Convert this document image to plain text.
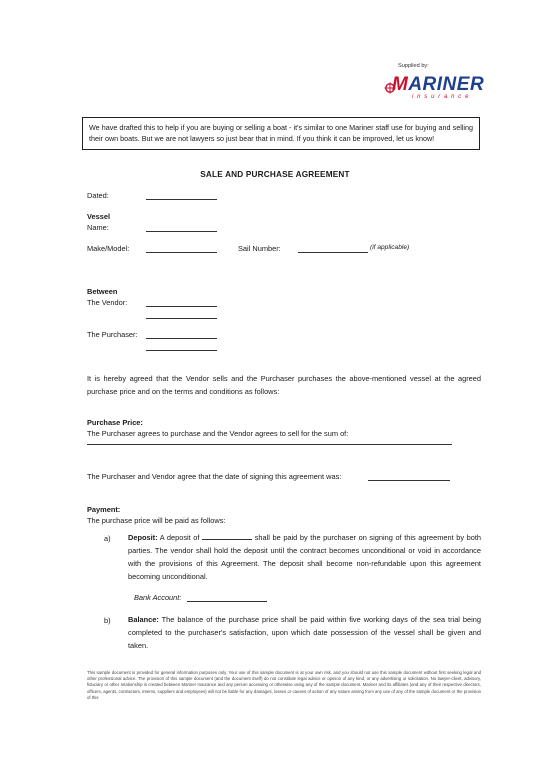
Supplied by:
MARINER
insurance
We have drafted this to help if you are buying or selling a boat - it's similar to one Mariner staff use for buying and selling their own boats. But we are not lawyers so just bear that in mind. If you think it can be improved, let us know!
SALE AND PURCHASE AGREEMENT
Dated:
Vessel
Name:
Make/Model:	Sail Number:	(if applicable)
Between
The Vendor:
The Purchaser:
It is hereby agreed that the Vendor sells and the Purchaser purchases the above-mentioned vessel at the agreed purchase price and on the terms and conditions as follows:
Purchase Price:
The Purchaser agrees to purchase and the Vendor agrees to sell for the sum of:
The Purchaser and Vendor agree that the date of signing this agreement was:
Payment:
The purchase price will be paid as follows:
a) Deposit: A deposit of	shall be paid by the purchaser on signing of this agreement by both parties. The vendor shall hold the deposit until the contract becomes unconditional or void in accordance with the provisions of this Agreement. The deposit shall become non-refundable upon this agreement becoming unconditional.
Bank Account:
b) Balance: The balance of the purchase price shall be paid within five working days of the sea trial being completed to the purchaser's satisfaction, upon which date possession of the vessel shall be given and taken.
This sample document is provided for general information purposes only. Your use of this sample document is at your own risk, and you should not use this sample document without first seeking legal and other professional advice. The provision of this sample document (and the document itself) do not constitute legal advice or opinion of any kind, or any advertising or solicitation. No lawyer-client, advisory, fiduciary or other relationship is created between Mariner Insurance and any person accessing or otherwise using any of the sample document. Mariner and its affiliates (and any of their respective directors, officers, agents, contractors, interns, suppliers and employees) will not be liable for any damages, losses or causes of action of any nature arising from any use of any of the sample document or the provision of this
